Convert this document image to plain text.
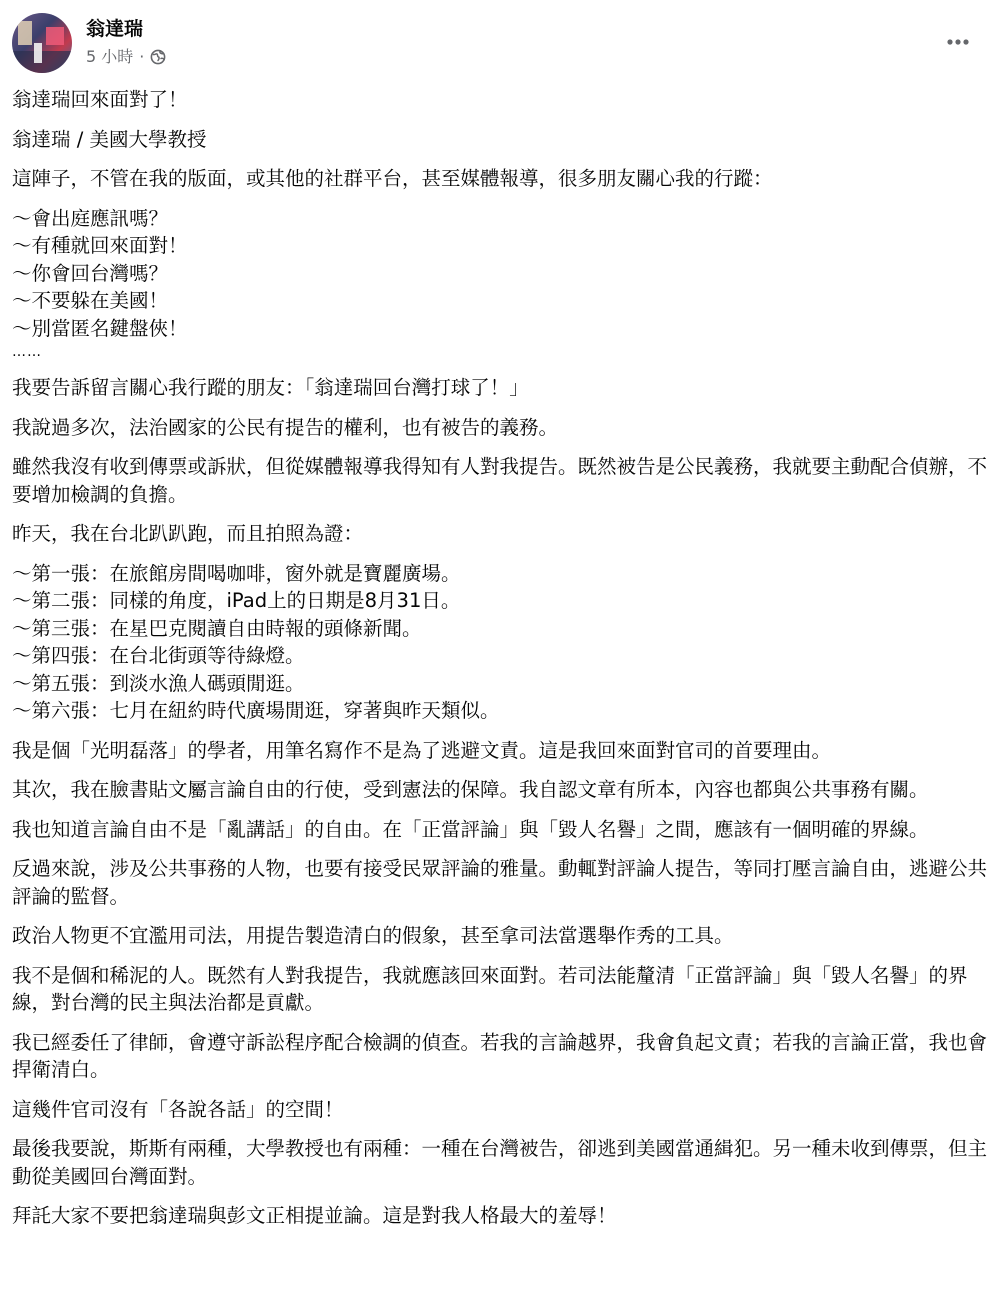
翁達瑞
5 小時 ·
翁達瑞回來面對了！
翁達瑞 / 美國大學教授
這陣子，不管在我的版面，或其他的社群平台，甚至媒體報導，很多朋友關心我的行蹤：
～會出庭應訊嗎？
～有種就回來面對！
～你會回台灣嗎？
～不要躲在美國！
～別當匿名鍵盤俠！
……
我要告訴留言關心我行蹤的朋友：「翁達瑞回台灣打球了！」
我說過多次，法治國家的公民有提告的權利，也有被告的義務。
雖然我沒有收到傳票或訴狀，但從媒體報導我得知有人對我提告。既然被告是公民義務，我就要主動配合偵辦，不要增加檢調的負擔。
昨天，我在台北趴趴跑，而且拍照為證：
～第一張：在旅館房間喝咖啡，窗外就是寶麗廣場。
～第二張：同樣的角度，iPad上的日期是8月31日。
～第三張：在星巴克閱讀自由時報的頭條新聞。
～第四張：在台北街頭等待綠燈。
～第五張：到淡水漁人碼頭閒逛。
～第六張：七月在紐約時代廣場閒逛，穿著與昨天類似。
我是個「光明磊落」的學者，用筆名寫作不是為了逃避文責。這是我回來面對官司的首要理由。
其次，我在臉書貼文屬言論自由的行使，受到憲法的保障。我自認文章有所本，內容也都與公共事務有關。
我也知道言論自由不是「亂講話」的自由。在「正當評論」與「毀人名譽」之間，應該有一個明確的界線。
反過來說，涉及公共事務的人物，也要有接受民眾評論的雅量。動輒對評論人提告，等同打壓言論自由，逃避公共評論的監督。
政治人物更不宜濫用司法，用提告製造清白的假象，甚至拿司法當選舉作秀的工具。
我不是個和稀泥的人。既然有人對我提告，我就應該回來面對。若司法能釐清「正當評論」與「毀人名譽」的界線，對台灣的民主與法治都是貢獻。
我已經委任了律師，會遵守訴訟程序配合檢調的偵查。若我的言論越界，我會負起文責；若我的言論正當，我也會捍衛清白。
這幾件官司沒有「各說各話」的空間！
最後我要說，斯斯有兩種，大學教授也有兩種：一種在台灣被告，卻逃到美國當通緝犯。另一種未收到傳票，但主動從美國回台灣面對。
拜託大家不要把翁達瑞與彭文正相提並論。這是對我人格最大的羞辱！
